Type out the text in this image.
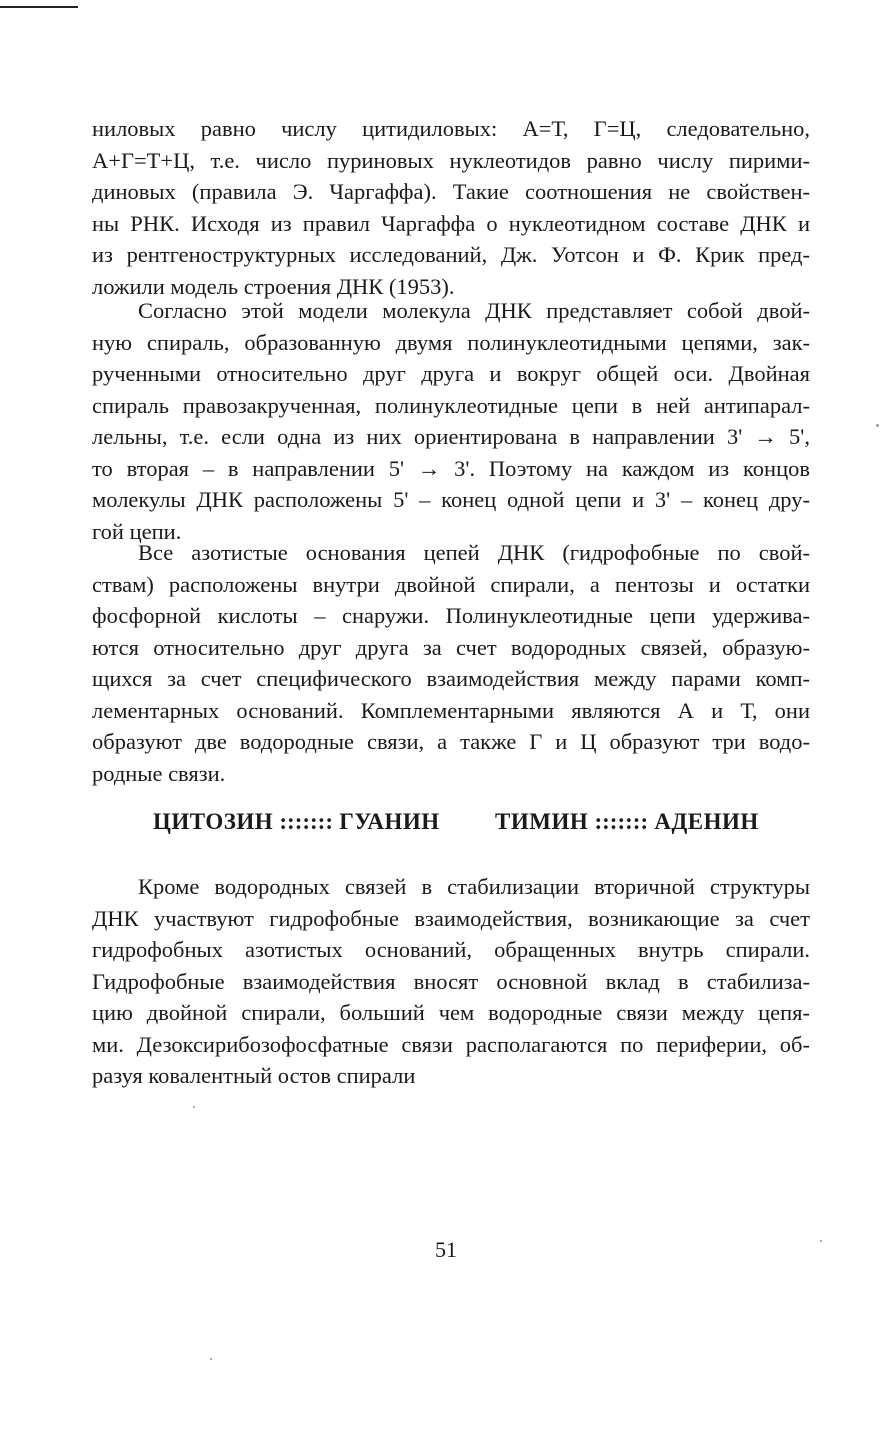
ниловых равно числу цитидиловых: А=Т, Г=Ц, следовательно,
А+Г=Т+Ц, т.е. число пуриновых нуклеотидов равно числу пирими-
диновых (правила Э. Чаргаффа). Такие соотношения не свойствен-
ны РНК. Исходя из правил Чаргаффа о нуклеотидном составе ДНК и
из рентгеноструктурных исследований, Дж. Уотсон и Ф. Крик пред-
ложили модель строения ДНК (1953).
Согласно этой модели молекула ДНК представляет собой двой-
ную спираль, образованную двумя полинуклеотидными цепями, зак-
рученными относительно друг друга и вокруг общей оси. Двойная
спираль правозакрученная, полинуклеотидные цепи в ней антипарал-
лельны, т.е. если одна из них ориентирована в направлении 3' → 5',
то вторая – в направлении 5' → 3'. Поэтому на каждом из концов
молекулы ДНК расположены 5' – конец одной цепи и 3' – конец дру-
гой цепи.
Все азотистые основания цепей ДНК (гидрофобные по свой-
ствам) расположены внутри двойной спирали, а пентозы и остатки
фосфорной кислоты – снаружи. Полинуклеотидные цепи удержива-
ются относительно друг друга за счет водородных связей, образую-
щихся за счет специфического взаимодействия между парами комп-
лементарных оснований. Комплементарными являются А и Т, они
образуют две водородные связи, а также Г и Ц образуют три водо-
родные связи.
ЦИТОЗИН ::::::: ГУАНИН ТИМИН ::::::: АДЕНИН
Кроме водородных связей в стабилизации вторичной структуры
ДНК участвуют гидрофобные взаимодействия, возникающие за счет
гидрофобных азотистых оснований, обращенных внутрь спирали.
Гидрофобные взаимодействия вносят основной вклад в стабилиза-
цию двойной спирали, больший чем водородные связи между цепя-
ми. Дезоксирибозофосфатные связи располагаются по периферии, об-
разуя ковалентный остов спирали
51
